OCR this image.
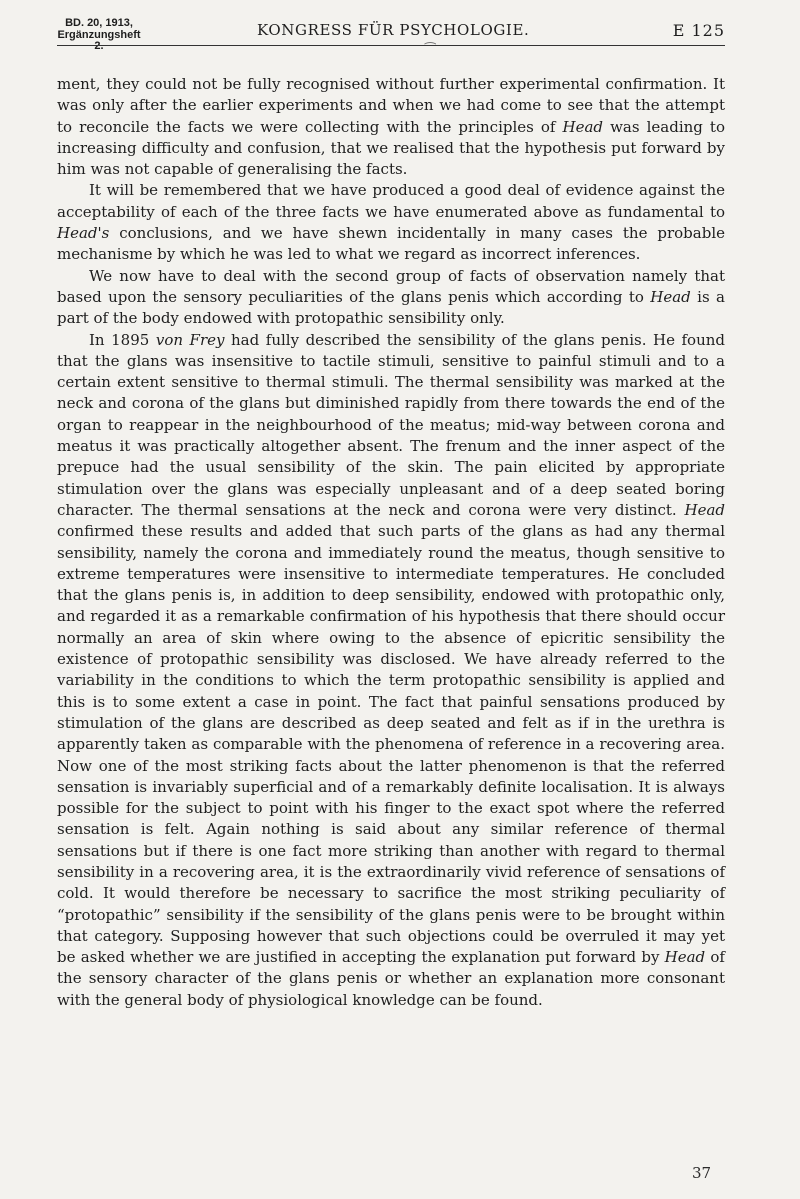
BD. 20, 1913,
Ergänzungsheft 2.
KONGRESS FÜR PSYCHOLOGIE.	E 125
⁀

ment, they could not be fully recognised without further experimental confirmation. It was only after the earlier experiments and when we had come to see that the attempt to reconcile the facts we were collecting with the principles of Head was leading to increasing difficulty and confusion, that we realised that the hypothesis put forward by him was not capable of generalising the facts.

It will be remembered that we have produced a good deal of evidence against the acceptability of each of the three facts we have enumerated above as fundamental to Head's conclusions, and we have shewn incidentally in many cases the probable mechanisme by which he was led to what we regard as incorrect inferences.

We now have to deal with the second group of facts of observation namely that based upon the sensory peculiarities of the glans penis which according to Head is a part of the body endowed with protopathic sensibility only.

In 1895 von Frey had fully described the sensibility of the glans penis. He found that the glans was insensitive to tactile stimuli, sensitive to painful stimuli and to a certain extent sensitive to thermal stimuli. The thermal sensibility was marked at the neck and corona of the glans but diminished rapidly from there towards the end of the organ to reappear in the neighbourhood of the meatus; mid-way between corona and meatus it was practically altogether absent. The frenum and the inner aspect of the prepuce had the usual sensibility of the skin. The pain elicited by appropriate stimulation over the glans was especially unpleasant and of a deep seated boring character. The thermal sensations at the neck and corona were very distinct. Head confirmed these results and added that such parts of the glans as had any thermal sensibility, namely the corona and immediately round the meatus, though sensitive to extreme temperatures were insensitive to intermediate temperatures. He concluded that the glans penis is, in addition to deep sensibility, endowed with protopathic only, and regarded it as a remarkable confirmation of his hypothesis that there should occur normally an area of skin where owing to the absence of epicritic sensibility the existence of protopathic sensibility was disclosed. We have already referred to the variability in the conditions to which the term protopathic sensibility is applied and this is to some extent a case in point. The fact that painful sensations produced by stimulation of the glans are described as deep seated and felt as if in the urethra is apparently taken as comparable with the phenomena of reference in a recovering area. Now one of the most striking facts about the latter phenomenon is that the referred sensation is invariably superficial and of a remarkably definite localisation. It is always possible for the subject to point with his finger to the exact spot where the referred sensation is felt. Again nothing is said about any similar reference of thermal sensations but if there is one fact more striking than another with regard to thermal sensibility in a recovering area, it is the extraordinarily vivid reference of sensations of cold. It would therefore be necessary to sacrifice the most striking peculiarity of “protopathic” sensibility if the sensibility of the glans penis were to be brought within that category. Supposing however that such objections could be overruled it may yet be asked whether we are justified in accepting the explanation put forward by Head of the sensory character of the glans penis or whether an explanation more consonant with the general body of physiological knowledge can be found.

37
